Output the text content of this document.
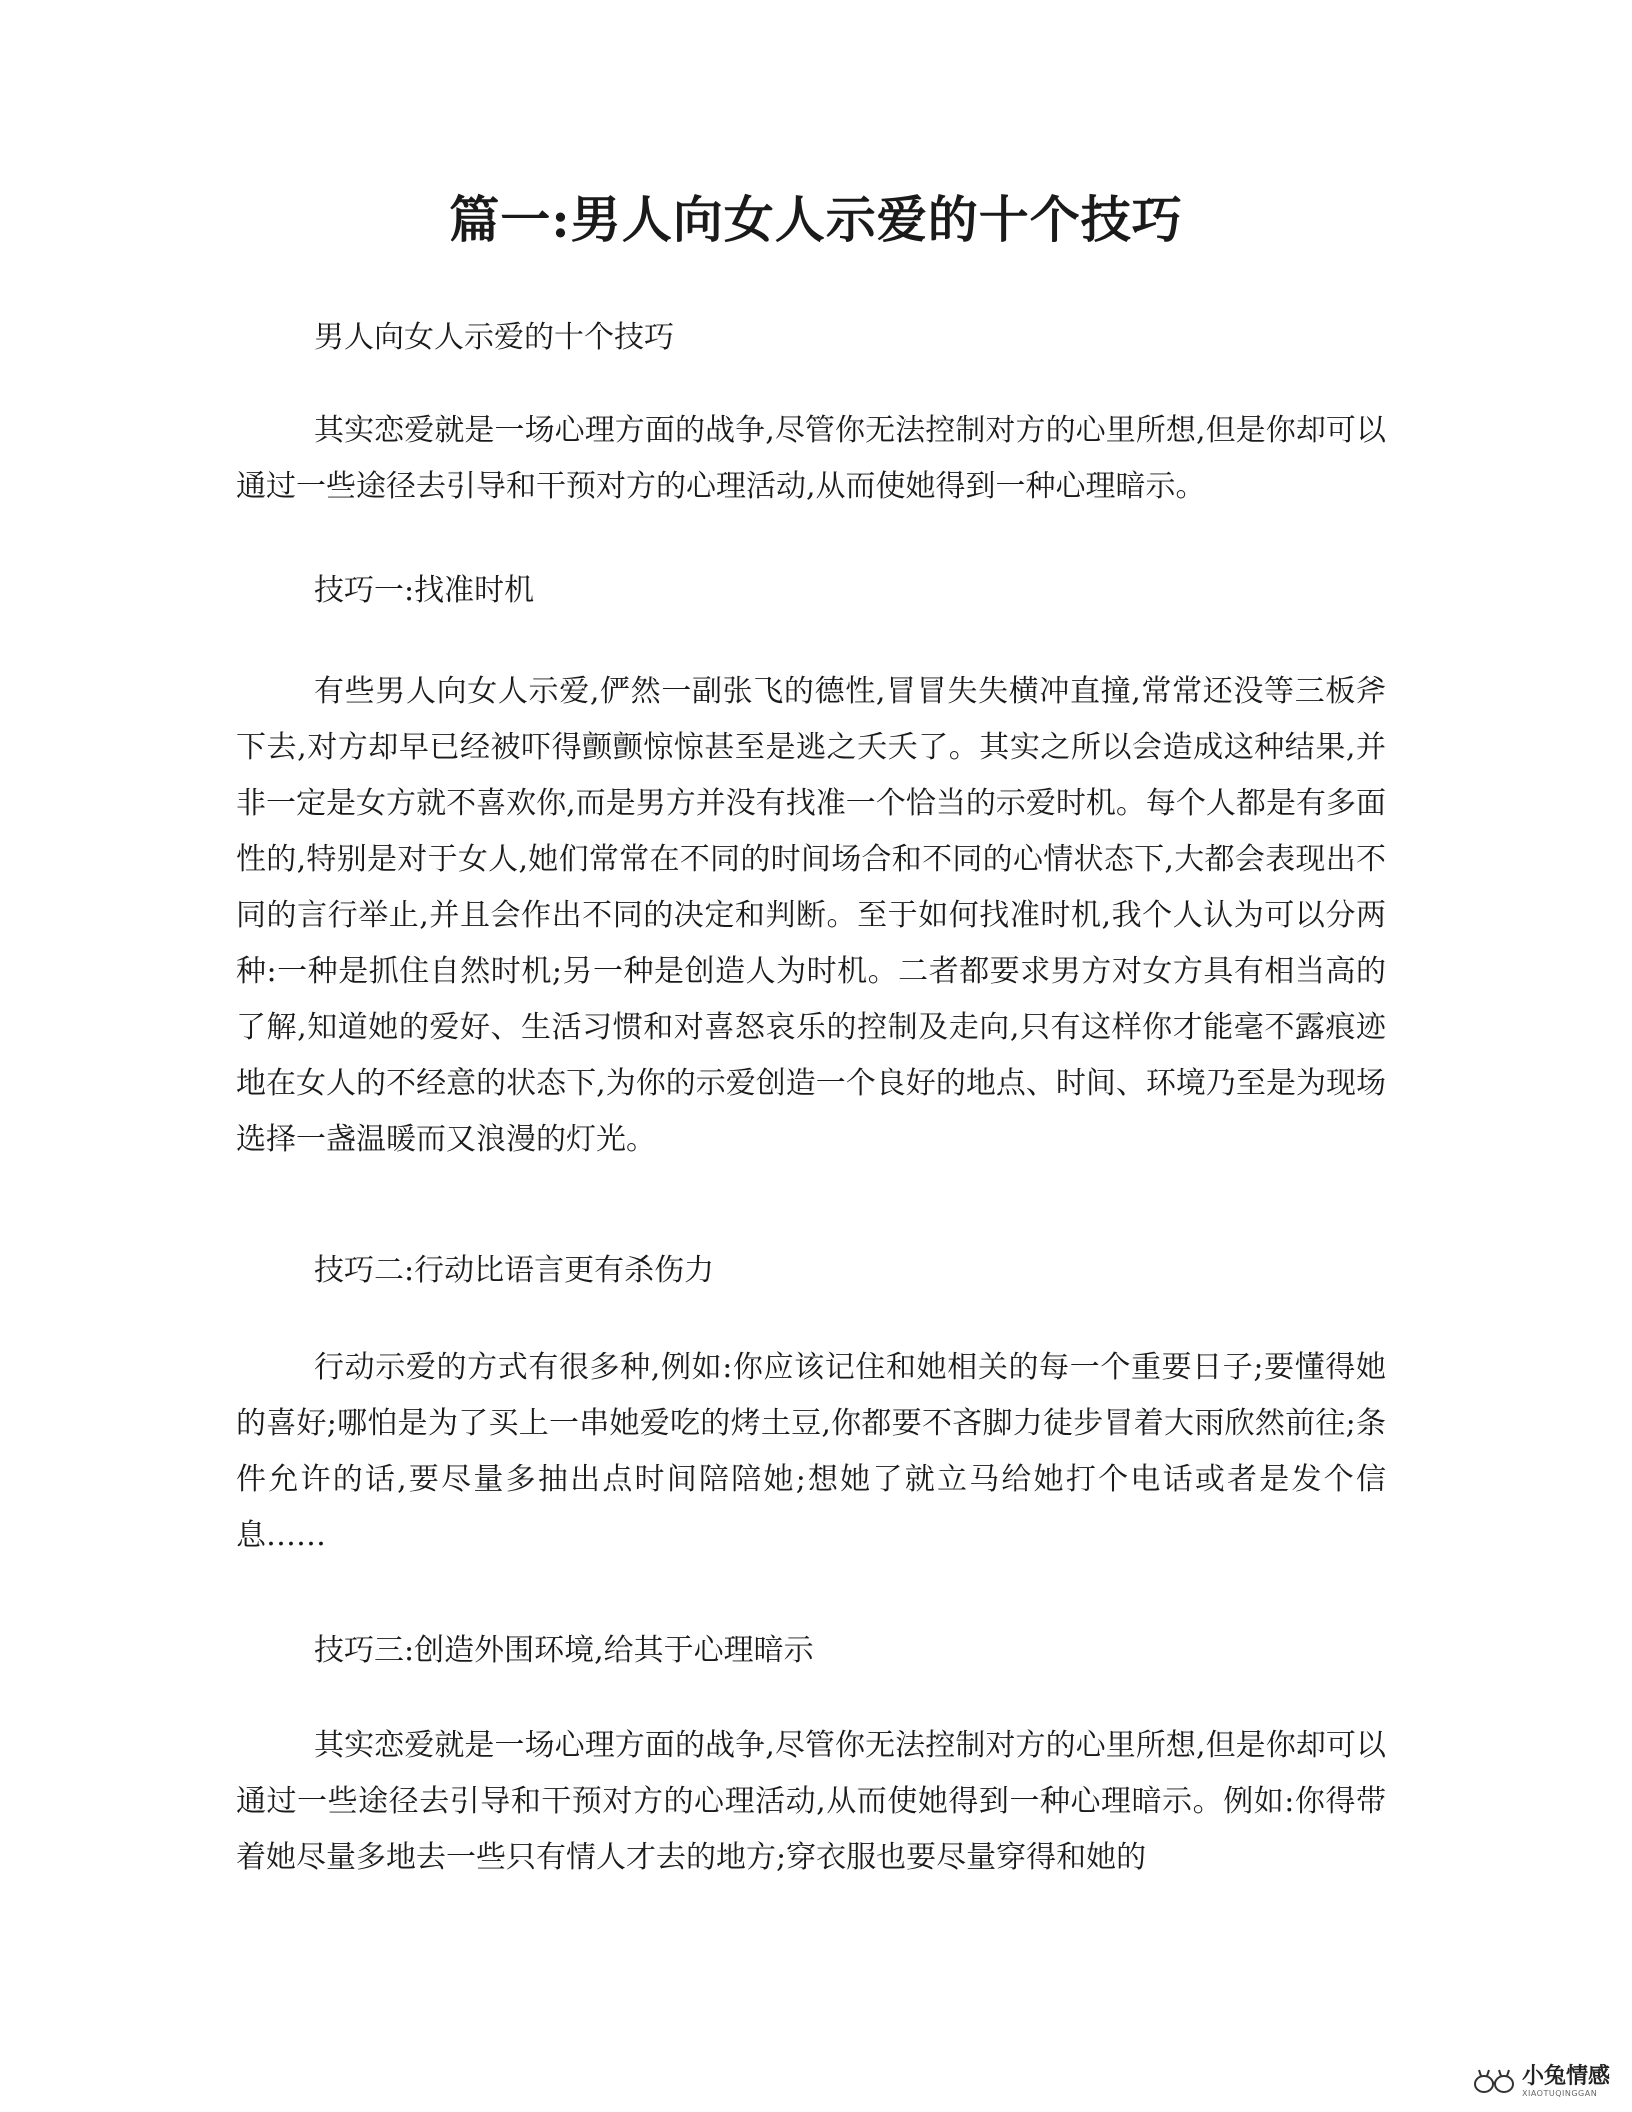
篇一:男人向女人示爱的十个技巧
男人向女人示爱的十个技巧
其实恋爱就是一场心理方面的战争,尽管你无法控制对方的心里所想,但是你却可以通过一些途径去引导和干预对方的心理活动,从而使她得到一种心理暗示。
技巧一:找准时机
有些男人向女人示爱,俨然一副张飞的德性,冒冒失失横冲直撞,常常还没等三板斧下去,对方却早已经被吓得颤颤惊惊甚至是逃之夭夭了。其实之所以会造成这种结果,并非一定是女方就不喜欢你,而是男方并没有找准一个恰当的示爱时机。每个人都是有多面性的,特别是对于女人,她们常常在不同的时间场合和不同的心情状态下,大都会表现出不同的言行举止,并且会作出不同的决定和判断。至于如何找准时机,我个人认为可以分两种:一种是抓住自然时机;另一种是创造人为时机。二者都要求男方对女方具有相当高的了解,知道她的爱好、生活习惯和对喜怒哀乐的控制及走向,只有这样你才能毫不露痕迹地在女人的不经意的状态下,为你的示爱创造一个良好的地点、时间、环境乃至是为现场选择一盏温暖而又浪漫的灯光。
技巧二:行动比语言更有杀伤力
行动示爱的方式有很多种,例如:你应该记住和她相关的每一个重要日子;要懂得她的喜好;哪怕是为了买上一串她爱吃的烤土豆,你都要不吝脚力徒步冒着大雨欣然前往;条件允许的话,要尽量多抽出点时间陪陪她;想她了就立马给她打个电话或者是发个信息……
技巧三:创造外围环境,给其于心理暗示
其实恋爱就是一场心理方面的战争,尽管你无法控制对方的心里所想,但是你却可以通过一些途径去引导和干预对方的心理活动,从而使她得到一种心理暗示。例如:你得带着她尽量多地去一些只有情人才去的地方;穿衣服也要尽量穿得和她的
小兔情感
XIAOTUQINGGAN
